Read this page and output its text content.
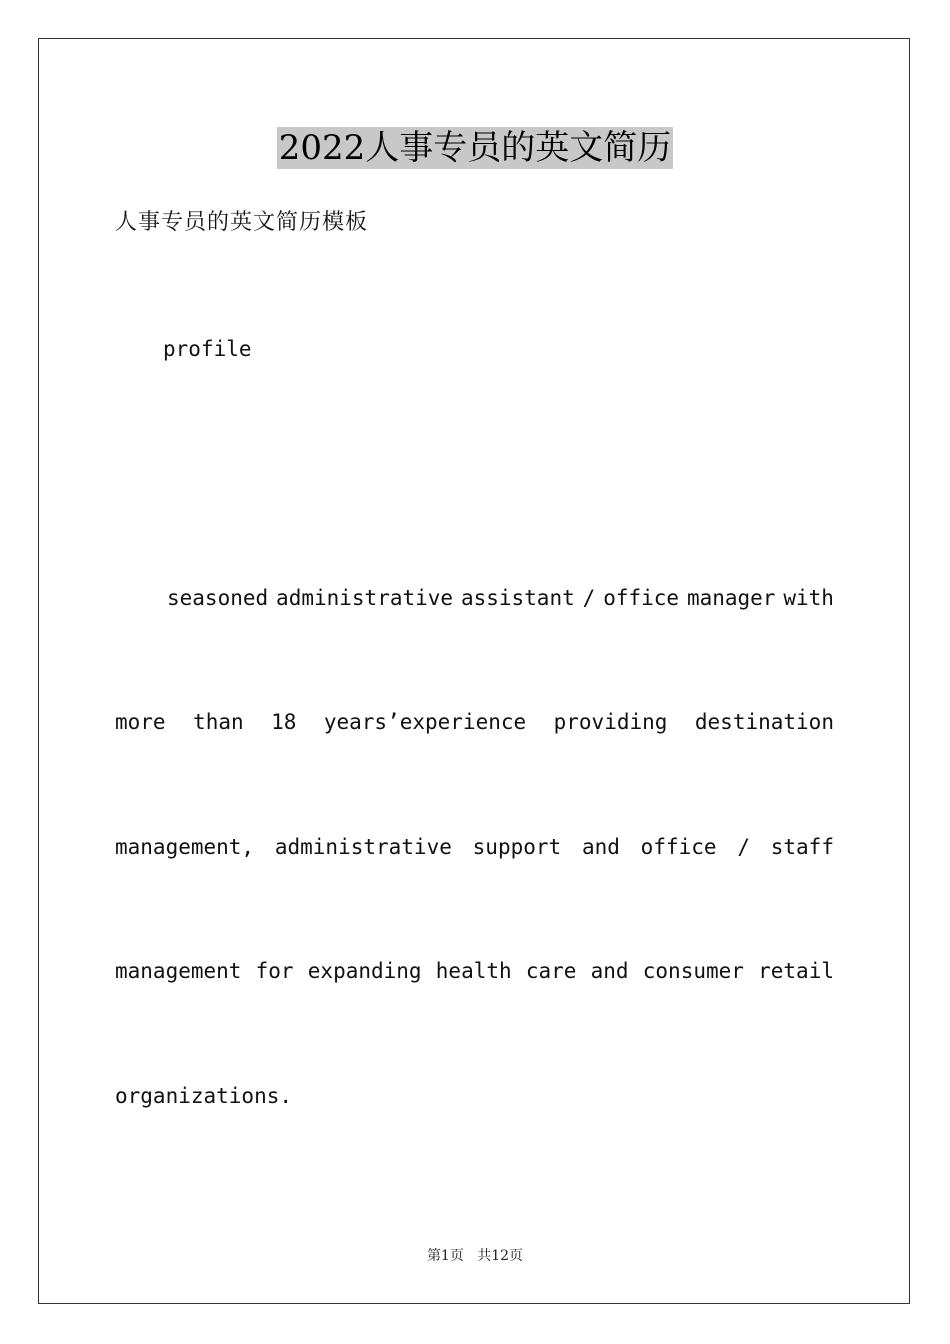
2022人事专员的英文简历
人事专员的英文简历模板
profile
seasoned administrative assistant / office manager with
more than 18 years’experience providing destination
management, administrative support and office / staff
management for expanding health care and consumer retail
organizations.
第1页 共12页
